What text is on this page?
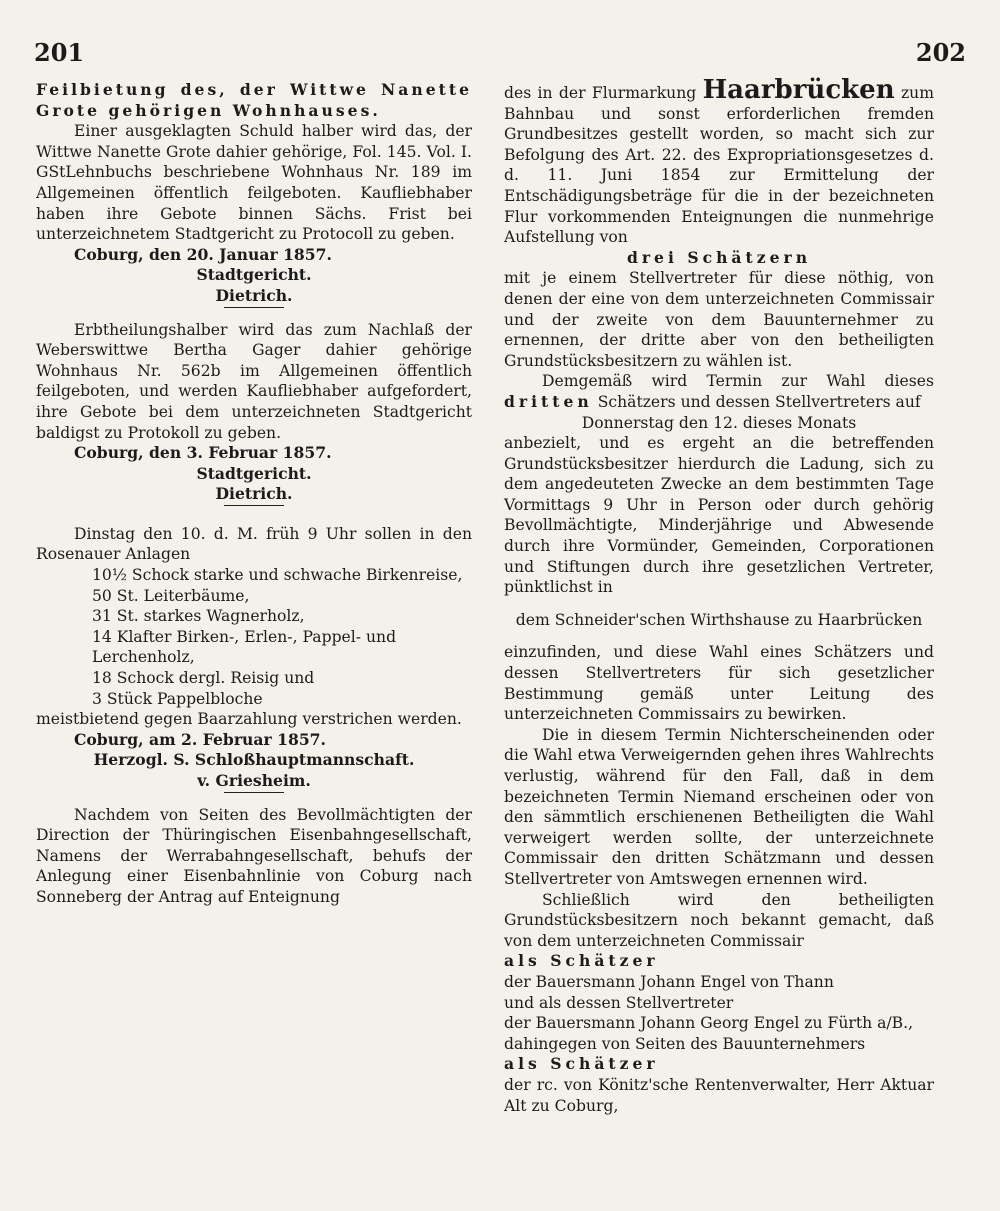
201	202

Feilbietung des, der Wittwe Nanette Grote gehörigen Wohnhauses.

Einer ausgeklagten Schuld halber wird das, der Wittwe Nanette Grote dahier gehörige, Fol. 145. Vol. I. GStLehnbuchs beschriebene Wohnhaus Nr. 189 im Allgemeinen öffentlich feilgeboten. Kaufliebhaber haben ihre Gebote binnen Sächs. Frist bei unterzeichnetem Stadtgericht zu Protocoll zu geben.

Coburg, den 20. Januar 1857.

Stadtgericht.

Dietrich.

Erbtheilungshalber wird das zum Nachlaß der Weberswittwe Bertha Gager dahier gehörige Wohnhaus Nr. 562b im Allgemeinen öffentlich feilgeboten, und werden Kaufliebhaber aufgefordert, ihre Gebote bei dem unterzeichneten Stadtgericht baldigst zu Protokoll zu geben.

Coburg, den 3. Februar 1857.

Stadtgericht.

Dietrich.

Dinstag den 10. d. M. früh 9 Uhr sollen in den Rosenauer Anlagen

10½ Schock starke und schwache Birkenreise,
50 St. Leiterbäume,
31 St. starkes Wagnerholz,
14 Klafter Birken-, Erlen-, Pappel- und Lerchenholz,
18 Schock dergl. Reisig und
3 Stück Pappelbloche

meistbietend gegen Baarzahlung verstrichen werden.

Coburg, am 2. Februar 1857.

Herzogl. S. Schloßhauptmannschaft.

v. Griesheim.

Nachdem von Seiten des Bevollmächtigten der Direction der Thüringischen Eisenbahngesellschaft, Namens der Werrabahngesellschaft, behufs der Anlegung einer Eisenbahnlinie von Coburg nach Sonneberg der Antrag auf Enteignung

des in der Flurmarkung Haarbrücken zum Bahnbau und sonst erforderlichen fremden Grundbesitzes gestellt worden, so macht sich zur Befolgung des Art. 22. des Expropriationsgesetzes d. d. 11. Juni 1854 zur Ermittelung der Entschädigungsbeträge für die in der bezeichneten Flur vorkommenden Enteignungen die nunmehrige Aufstellung von

drei Schätzern

mit je einem Stellvertreter für diese nöthig, von denen der eine von dem unterzeichneten Commissair und der zweite von dem Bauunternehmer zu ernennen, der dritte aber von den betheiligten Grundstücksbesitzern zu wählen ist.

Demgemäß wird Termin zur Wahl dieses dritten Schätzers und dessen Stellvertreters auf

Donnerstag den 12. dieses Monats

anbezielt, und es ergeht an die betreffenden Grundstücksbesitzer hierdurch die Ladung, sich zu dem angedeuteten Zwecke an dem bestimmten Tage Vormittags 9 Uhr in Person oder durch gehörig Bevollmächtigte, Minderjährige und Abwesende durch ihre Vormünder, Gemeinden, Corporationen und Stiftungen durch ihre gesetzlichen Vertreter, pünktlichst in

dem Schneider'schen Wirthshause zu Haarbrücken

einzufinden, und diese Wahl eines Schätzers und dessen Stellvertreters für sich gesetzlicher Bestimmung gemäß unter Leitung des unterzeichneten Commissairs zu bewirken.

Die in diesem Termin Nichterscheinenden oder die Wahl etwa Verweigernden gehen ihres Wahlrechts verlustig, während für den Fall, daß in dem bezeichneten Termin Niemand erscheinen oder von den sämmtlich erschienenen Betheiligten die Wahl verweigert werden sollte, der unterzeichnete Commissair den dritten Schätzmann und dessen Stellvertreter von Amtswegen ernennen wird.

Schließlich wird den betheiligten Grundstücksbesitzern noch bekannt gemacht, daß von dem unterzeichneten Commissair

als Schätzer

der Bauersmann Johann Engel von Thann

und als dessen Stellvertreter

der Bauersmann Johann Georg Engel zu Fürth a/B.,

dahingegen von Seiten des Bauunternehmers

als Schätzer

der rc. von Könitz'sche Rentenverwalter, Herr Aktuar Alt zu Coburg,
